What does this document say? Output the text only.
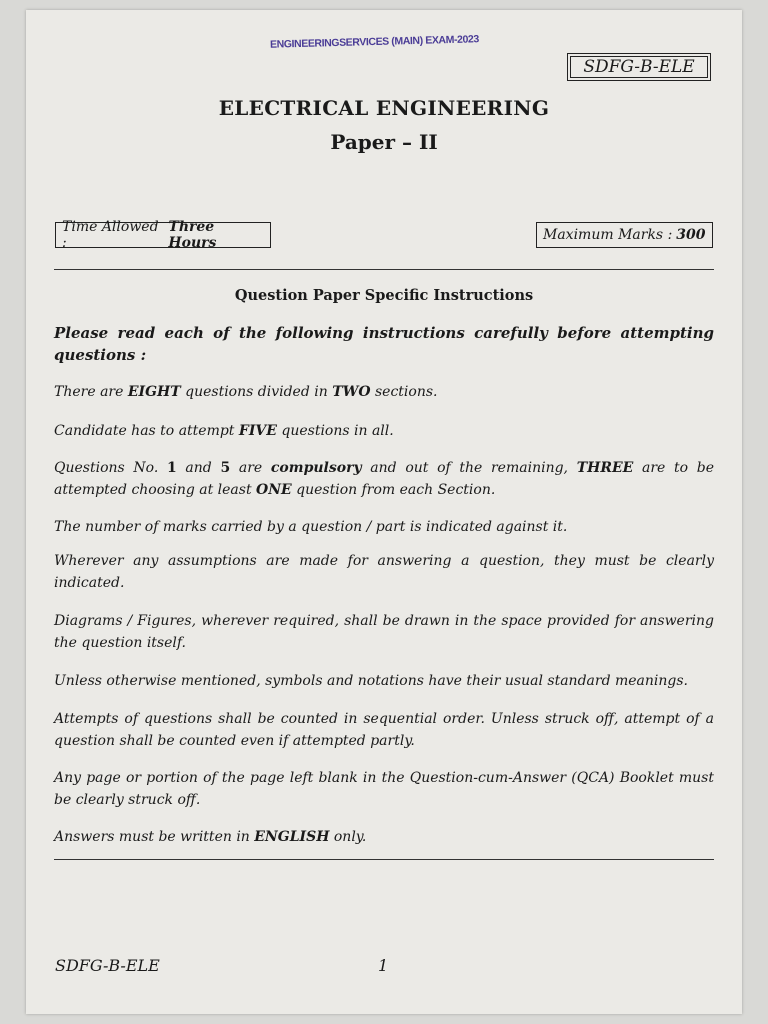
ENGINEERINGSERVICES (MAIN) EXAM-2023
SDFG-B-ELE
ELECTRICAL ENGINEERING
Paper – II
Time Allowed :
Three Hours	Maximum Marks : 300
Question Paper Specific Instructions
Please read each of the following instructions carefully before attempting questions :
There are EIGHT questions divided in TWO sections.
Candidate has to attempt FIVE questions in all.
Questions No. 1 and 5 are compulsory and out of the remaining, THREE are to be attempted choosing at least ONE question from each Section.
The number of marks carried by a question / part is indicated against it.
Wherever any assumptions are made for answering a question, they must be clearly indicated.
Diagrams / Figures, wherever required, shall be drawn in the space provided for answering the question itself.
Unless otherwise mentioned, symbols and notations have their usual standard meanings.
Attempts of questions shall be counted in sequential order. Unless struck off, attempt of a question shall be counted even if attempted partly.
Any page or portion of the page left blank in the Question-cum-Answer (QCA) Booklet must be clearly struck off.
Answers must be written in ENGLISH only.
SDFG-B-ELE	1
